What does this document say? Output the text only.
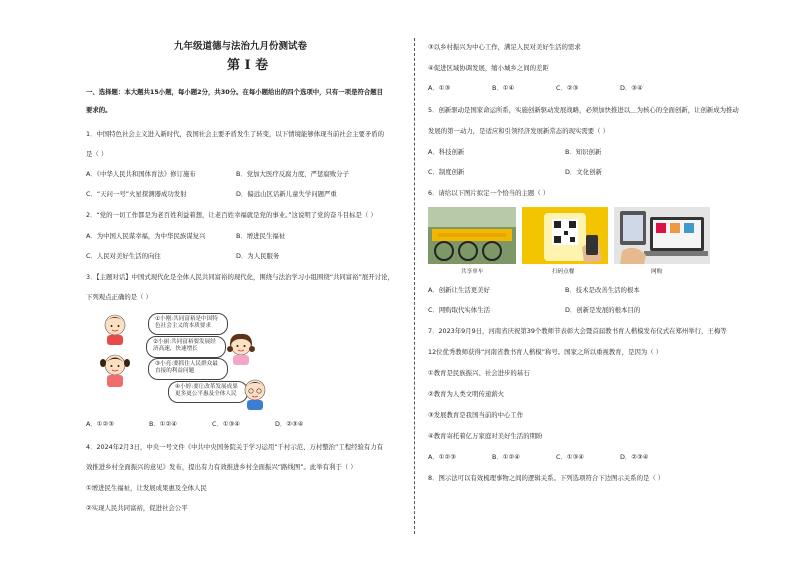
九年级道德与法治九月份测试卷
第 I 卷
一、选择题：本大题共15小题，每小题2分，共30分。在每小题给出的四个选项中，只有一项是符合题目
要求的。
1．中国特色社会主义进入新时代，我国社会主要矛盾发生了转变，以下情境能够体现当前社会主要矛盾的
是（ ）
A．《中华人民共和国体育法》修订施布	B．党加大医疗反腐力度，严惩腐败分子
C．“天问一号”火星探测器成功发射	D．偏远山区话新儿童失学问题严重
2．“党的一切工作都是为老百姓利益着想，让老百姓幸福就是党的事业。”这说明了党的奋斗目标是（ ）
A．为中国人民谋幸福，为中华民族谋复兴	B．增进民生福祉
C．人民对美好生活的向往	D．为人民服务
3．【主题对话】中国式现代化是全体人民共同富裕的现代化，围绕与法治学习小组围绕“共同富裕”展开讨论，
下列观点正确的是（ ）
①小刚:共同富裕是中国特色社会主义的本质要求
②小丽:共同富裕要发展经济高速，快速增长
③小亮:要抓住人民群众最直接的利益问题
④小婷:要让改革发展成果更多更公平惠及全体人民
A．①②③	B．①②④	C．①③④	D．②③④
4．2024年2月3日，中央一号文件《中共中央国务院关于学习运用“千村示范、万村整治”工程经验有力有
效推进乡村全面振兴的意见》发布，提出有力有效推进乡村全面振兴“路线图”。此举有利于（ ）
①增进民生福祉，让发展成果惠及全体人民
②实现人民共同富裕，促进社会公平
③以乡村振兴为中心工作，满足人民对美好生活的需求
④促进区域协调发展，缩小城乡之间的差距
A．①③	B．①④	C．②③	D．③④
5．创新驱动是国家命运所系，实施创新驱动发展战略，必须加快推进以＿为核心的全面创新，让创新成为推动
发展的第一动力，是适应和引领经济发展新常态的现实需要（ ）
A．科技创新	B．知识创新
C．制度创新	D．文化创新
6．请给以下图片拟定一个恰当的主题（ ）
共享单车	扫码点餐	网购
A．创新让生活更美好	B．技术是改善生活的根本
C．网购取代实体生活	D．创新是发展的根本目的
7．2023年9月9日，河南省庆祝第39个教师节表彰大会暨首届教书育人楷模发布仪式在郑州举行，王梅等
12位优秀教师获得“河南省教书育人楷模”称号。国家之所以重视教育，是因为（ ）
①教育是民族振兴、社会进步的基石
②教育为人类文明传递薪火
③发展教育是我国当前的中心工作
④教育寄托着亿万家庭对美好生活的期盼
A．①②③	B．①②④	C．①③④	D．②③④
8．图示法可以有效梳理事物之间的逻辑关系。下列选项符合下边图示关系的是（ ）
